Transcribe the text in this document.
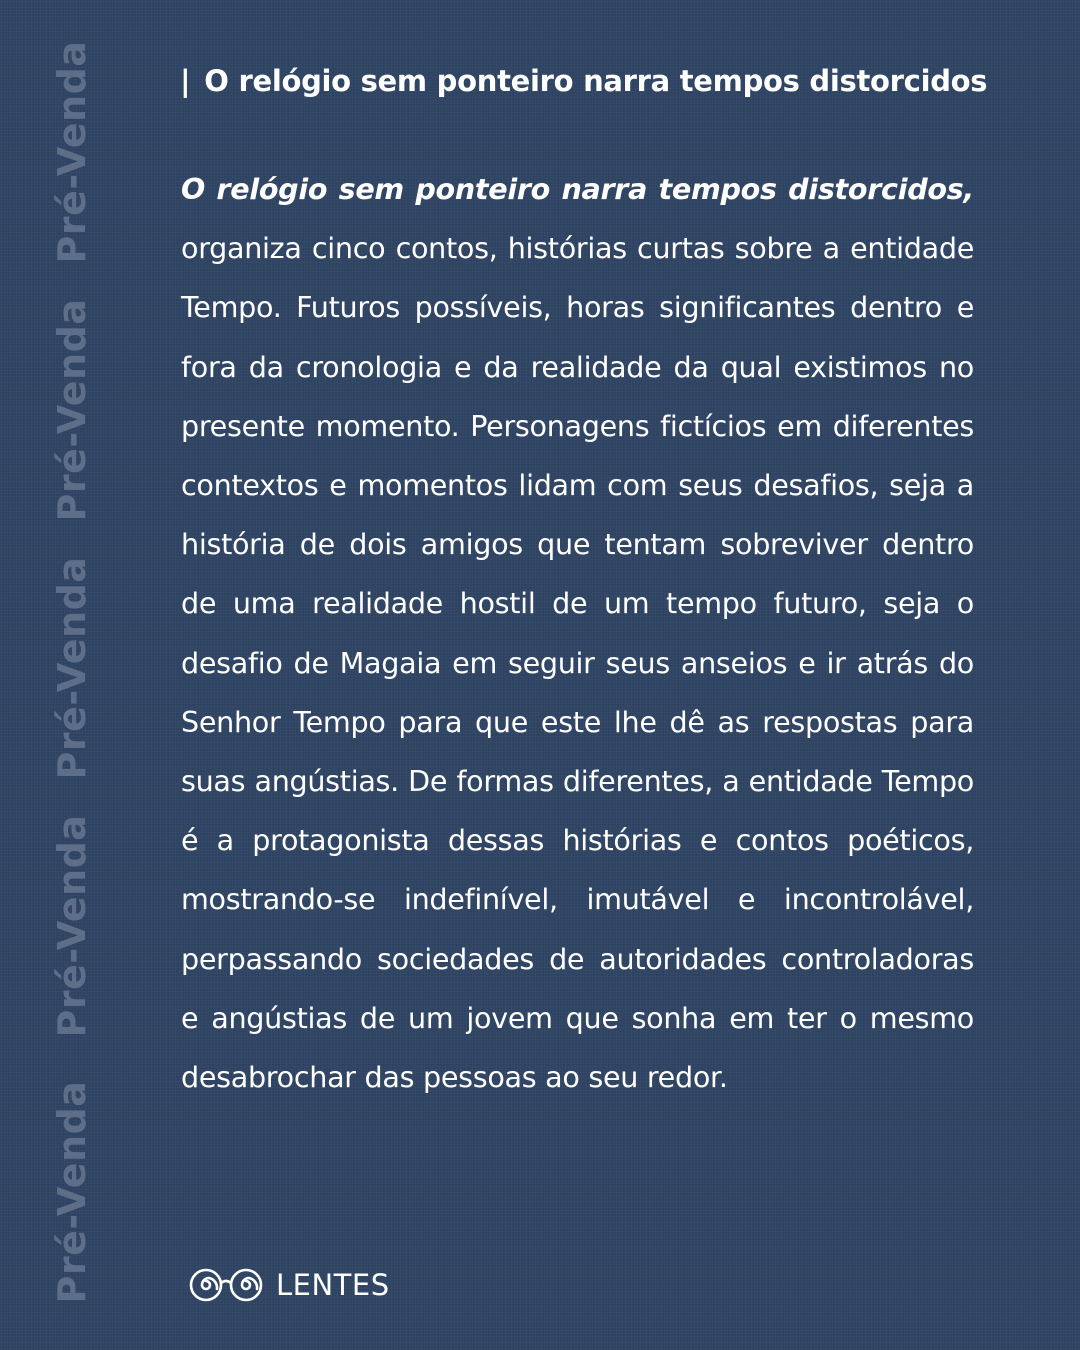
Pré-Venda
Pré-Venda
Pré-Venda
Pré-Venda
Pré-Venda
| O relógio sem ponteiro narra tempos distorcidos
O relógio sem ponteiro narra tempos distorcidos, organiza cinco contos, histórias curtas sobre a entidade Tempo. Futuros possíveis, horas significantes dentro e fora da cronologia e da realidade da qual existimos no presente momento. Personagens fictícios em diferentes contextos e momentos lidam com seus desafios, seja a história de dois amigos que tentam sobreviver dentro de uma realidade hostil de um tempo futuro, seja o desafio de Magaia em seguir seus anseios e ir atrás do Senhor Tempo para que este lhe dê as respostas para suas angústias. De formas diferentes, a entidade Tempo é a protagonista dessas histórias e contos poéticos, mostrando-se indefinível, imutável e incontrolável, perpassando sociedades de autoridades controladoras e angústias de um jovem que sonha em ter o mesmo desabrochar das pessoas ao seu redor.
LENTES
